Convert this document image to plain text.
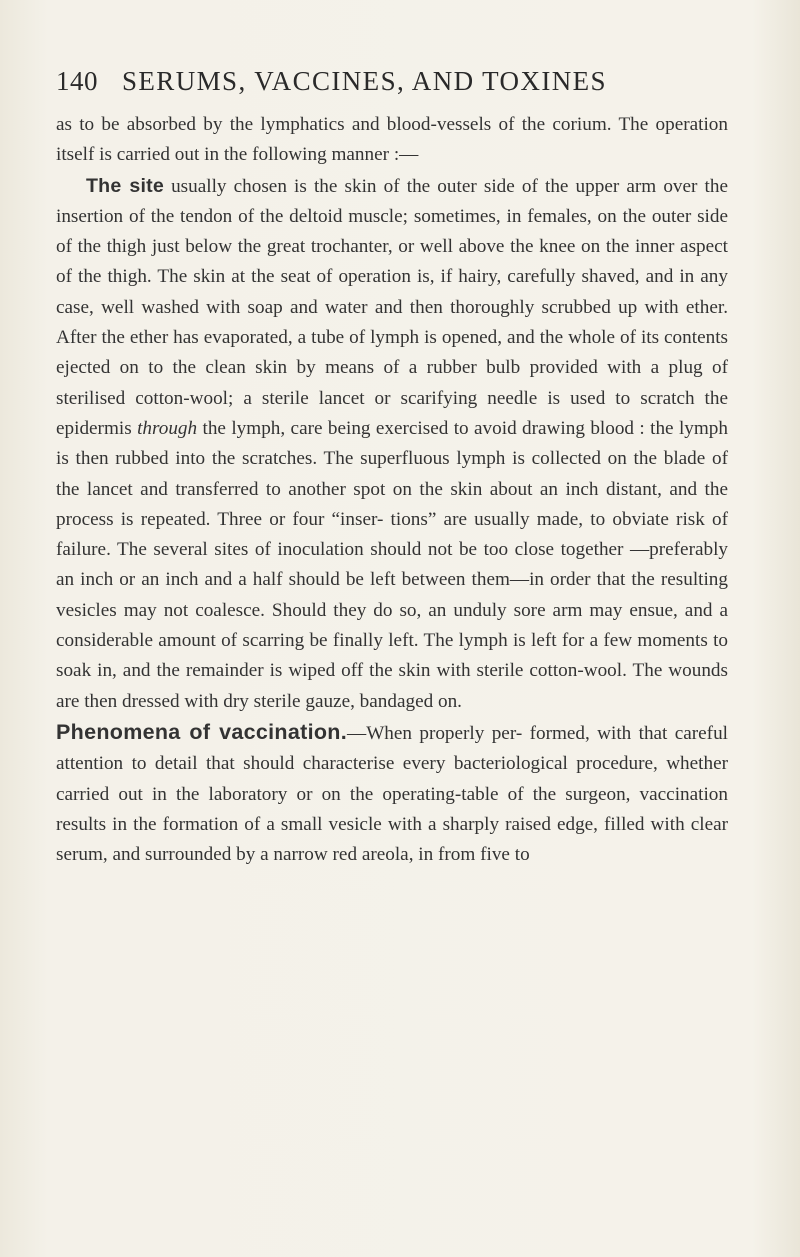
140 SERUMS, VACCINES, AND TOXINES

as to be absorbed by the lymphatics and blood-vessels of the corium. The operation itself is carried out in the following manner :—

The site usually chosen is the skin of the outer side of the upper arm over the insertion of the tendon of the deltoid muscle; sometimes, in females, on the outer side of the thigh just below the great trochanter, or well above the knee on the inner aspect of the thigh. The skin at the seat of operation is, if hairy, carefully shaved, and in any case, well washed with soap and water and then thoroughly scrubbed up with ether. After the ether has evaporated, a tube of lymph is opened, and the whole of its contents ejected on to the clean skin by means of a rubber bulb provided with a plug of sterilised cotton-wool; a sterile lancet or scarifying needle is used to scratch the epidermis through the lymph, care being exercised to avoid drawing blood : the lymph is then rubbed into the scratches. The superfluous lymph is collected on the blade of the lancet and transferred to another spot on the skin about an inch distant, and the process is repeated. Three or four “inser- tions” are usually made, to obviate risk of failure. The several sites of inoculation should not be too close together —preferably an inch or an inch and a half should be left between them—in order that the resulting vesicles may not coalesce. Should they do so, an unduly sore arm may ensue, and a considerable amount of scarring be finally left. The lymph is left for a few moments to soak in, and the remainder is wiped off the skin with sterile cotton-wool. The wounds are then dressed with dry sterile gauze, bandaged on.

Phenomena of vaccination.—When properly per- formed, with that careful attention to detail that should characterise every bacteriological procedure, whether carried out in the laboratory or on the operating-table of the surgeon, vaccination results in the formation of a small vesicle with a sharply raised edge, filled with clear serum, and surrounded by a narrow red areola, in from five to
